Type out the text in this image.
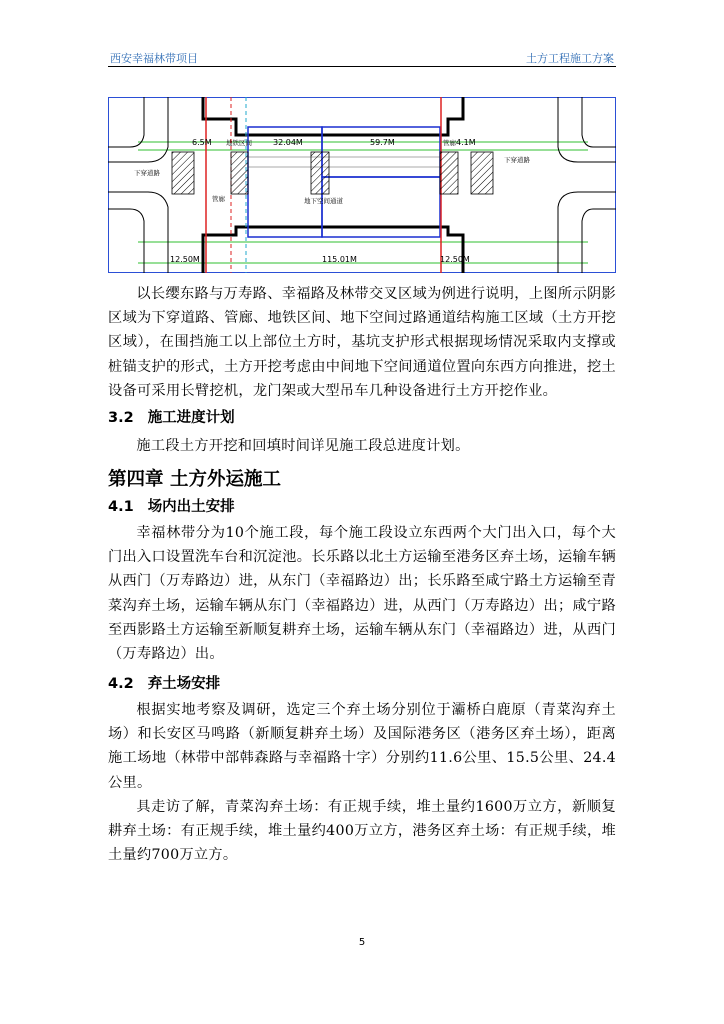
西安幸福林带项目	土方工程施工方案
6.5M 地铁区间	32.04M	59.7M	管廊 4.1M
下穿道路
下穿道路
管廊	地下空间通道
12.50M	115.01M	12.50M

以长缨东路与万寿路、幸福路及林带交叉区域为例进行说明，上图所示阴影区域为下穿道路、管廊、地铁区间、地下空间过路通道结构施工区域（土方开挖区域），在围挡施工以上部位土方时，基坑支护形式根据现场情况采取内支撑或桩锚支护的形式，土方开挖考虑由中间地下空间通道位置向东西方向推进，挖土设备可采用长臂挖机，龙门架或大型吊车几种设备进行土方开挖作业。

3.2 施工进度计划

施工段土方开挖和回填时间详见施工段总进度计划。

第四章 土方外运施工
4.1 场内出土安排

幸福林带分为10个施工段，每个施工段设立东西两个大门出入口，每个大门出入口设置洗车台和沉淀池。长乐路以北土方运输至港务区弃土场，运输车辆从西门（万寿路边）进，从东门（幸福路边）出；长乐路至咸宁路土方运输至青菜沟弃土场，运输车辆从东门（幸福路边）进，从西门（万寿路边）出；咸宁路至西影路土方运输至新顺复耕弃土场，运输车辆从东门（幸福路边）进，从西门（万寿路边）出。

4.2 弃土场安排

根据实地考察及调研，选定三个弃土场分别位于灞桥白鹿原（青菜沟弃土场）和长安区马鸣路（新顺复耕弃土场）及国际港务区（港务区弃土场），距离施工场地（林带中部韩森路与幸福路十字）分别约11.6公里、15.5公里、24.4公里。

具走访了解，青菜沟弃土场：有正规手续，堆土量约1600万立方，新顺复耕弃土场：有正规手续，堆土量约400万立方，港务区弃土场：有正规手续，堆土量约700万立方。

5
